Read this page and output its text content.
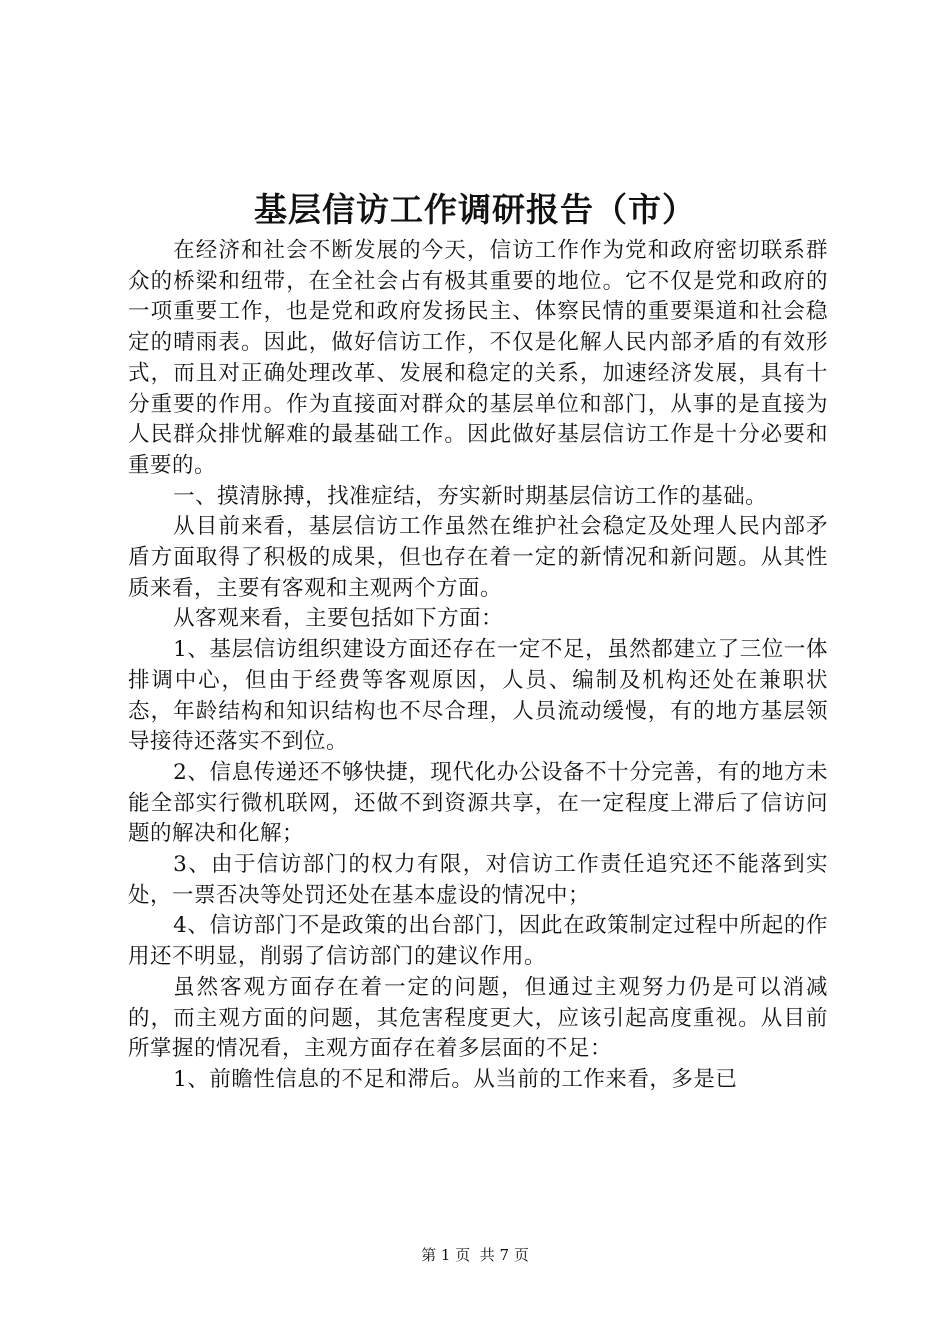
基层信访工作调研报告（市）

在经济和社会不断发展的今天，信访工作作为党和政府密切联系群众的桥梁和纽带，在全社会占有极其重要的地位。它不仅是党和政府的一项重要工作，也是党和政府发扬民主、体察民情的重要渠道和社会稳定的晴雨表。因此，做好信访工作，不仅是化解人民内部矛盾的有效形式，而且对正确处理改革、发展和稳定的关系，加速经济发展，具有十分重要的作用。作为直接面对群众的基层单位和部门，从事的是直接为人民群众排忧解难的最基础工作。因此做好基层信访工作是十分必要和重要的。

一、摸清脉搏，找准症结，夯实新时期基层信访工作的基础。

从目前来看，基层信访工作虽然在维护社会稳定及处理人民内部矛盾方面取得了积极的成果，但也存在着一定的新情况和新问题。从其性质来看，主要有客观和主观两个方面。

从客观来看，主要包括如下方面：

1、基层信访组织建设方面还存在一定不足，虽然都建立了三位一体排调中心，但由于经费等客观原因，人员、编制及机构还处在兼职状态，年龄结构和知识结构也不尽合理，人员流动缓慢，有的地方基层领导接待还落实不到位。

2、信息传递还不够快捷，现代化办公设备不十分完善，有的地方未能全部实行微机联网，还做不到资源共享，在一定程度上滞后了信访问题的解决和化解；

3、由于信访部门的权力有限，对信访工作责任追究还不能落到实处，一票否决等处罚还处在基本虚设的情况中；

4、信访部门不是政策的出台部门，因此在政策制定过程中所起的作用还不明显，削弱了信访部门的建议作用。

虽然客观方面存在着一定的问题，但通过主观努力仍是可以消减的，而主观方面的问题，其危害程度更大，应该引起高度重视。从目前所掌握的情况看，主观方面存在着多层面的不足：

1、前瞻性信息的不足和滞后。从当前的工作来看，多是已

第 1 页  共 7 页
